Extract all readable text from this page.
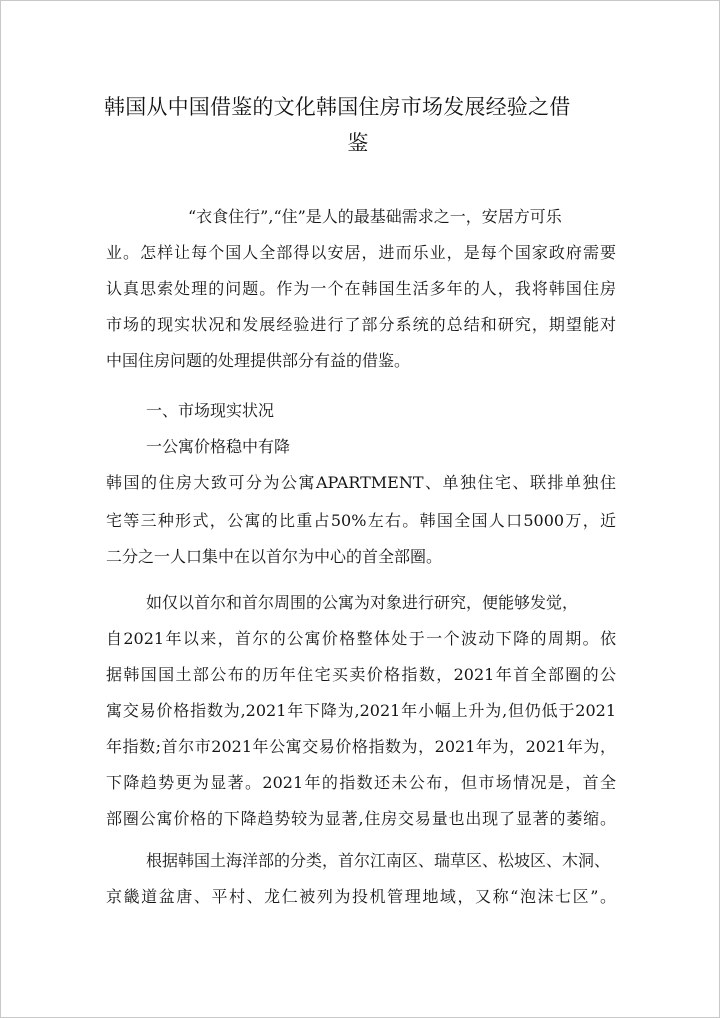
韩国从中国借鉴的文化韩国住房市场发展经验之借
鉴
“衣食住行”,“住”是人的最基础需求之一，安居方可乐
业。怎样让每个国人全部得以安居，进而乐业，是每个国家政府需要
认真思索处理的问题。作为一个在韩国生活多年的人，我将韩国住房
市场的现实状况和发展经验进行了部分系统的总结和研究，期望能对
中国住房问题的处理提供部分有益的借鉴。
一、市场现实状况
一公寓价格稳中有降
韩国的住房大致可分为公寓APARTMENT、单独住宅、联排单独住
宅等三种形式，公寓的比重占50%左右。韩国全国人口5000万，近
二分之一人口集中在以首尔为中心的首全部圈。
如仅以首尔和首尔周围的公寓为对象进行研究，便能够发觉，
自2021年以来，首尔的公寓价格整体处于一个波动下降的周期。依
据韩国国土部公布的历年住宅买卖价格指数，2021年首全部圈的公
寓交易价格指数为,2021年下降为,2021年小幅上升为,但仍低于2021
年指数;首尔市2021年公寓交易价格指数为，2021年为，2021年为，
下降趋势更为显著。2021年的指数还未公布，但市场情况是，首全
部圈公寓价格的下降趋势较为显著,住房交易量也出现了显著的萎缩。
根据韩国土海洋部的分类，首尔江南区、瑞草区、松坡区、木洞、
京畿道盆唐、平村、龙仁被列为投机管理地域，又称“泡沫七区”。
